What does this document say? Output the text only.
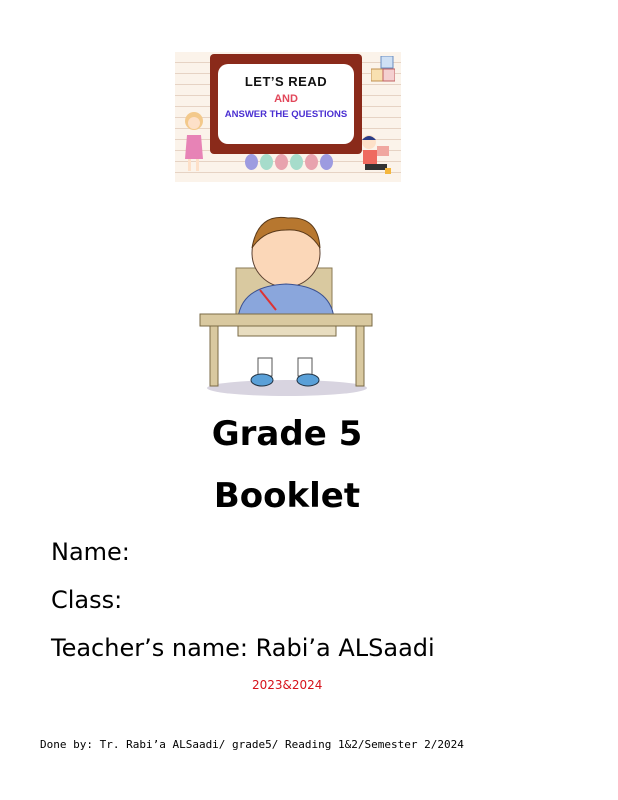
LET’S READ
AND
ANSWER THE QUESTIONS
Grade 5
Booklet
Name:
Class:
Teacher’s name: Rabi’a ALSaadi
2023&2024
Done by: Tr. Rabi’a ALSaadi/ grade5/ Reading 1&2/Semester 2/2024
